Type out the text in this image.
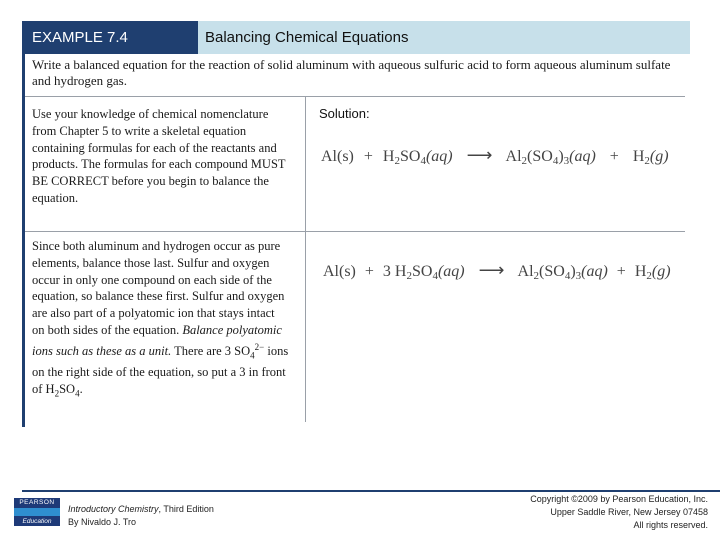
EXAMPLE 7.4	Balancing Chemical Equations
Write a balanced equation for the reaction of solid aluminum with aqueous sulfuric acid to form aqueous aluminum sulfate and hydrogen gas.
Use your knowledge of chemical nomenclature from Chapter 5 to write a skeletal equation containing formulas for each of the reactants and products. The formulas for each compound MUST BE CORRECT before you begin to balance the equation.
Solution:
$Al(s) + H_2SO_4(aq)$ ⟶ $Al_2(SO_4)_3(aq) + H_2(g)$
Since both aluminum and hydrogen occur as pure elements, balance those last. Sulfur and oxygen occur in only one compound on each side of the equation, so balance these first. Sulfur and oxygen are also part of a polyatomic ion that stays intact on both sides of the equation. Balance polyatomic ions such as these as a unit. There are 3 $SO_4^{2-}$ ions on the right side of the equation, so put a 3 in front of $H_2SO_4$.
Al(s) + 3 $H_2SO_4(aq)$ ⟶ $Al_2(SO_4)_3(aq) + H_2(g)$
PEARSON
Education
Introductory Chemistry, Third Edition
By Nivaldo J. Tro
Copyright ©2009 by Pearson Education, Inc.
Upper Saddle River, New Jersey 07458
All rights reserved.
